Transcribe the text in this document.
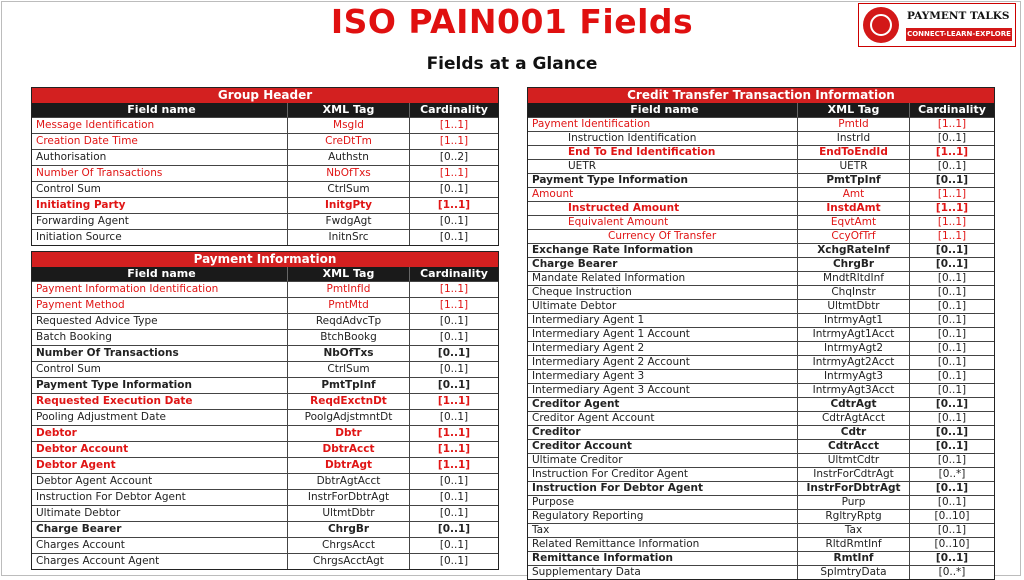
ISO PAIN001 Fields
Fields at a Glance
PAYMENT TALKS
CONNECT-LEARN-EXPLORE
Group Header
Field name	XML Tag	Cardinality
Message Identification	MsgId	[1..1]
Creation Date Time	CreDtTm	[1..1]
Authorisation	Authstn	[0..2]
Number Of Transactions	NbOfTxs	[1..1]
Control Sum	CtrlSum	[0..1]
Initiating Party	InitgPty	[1..1]
Forwarding Agent	FwdgAgt	[0..1]
Initiation Source	InitnSrc	[0..1]
Payment Information
Field name	XML Tag	Cardinality
Payment Information Identification	PmtInfId	[1..1]
Payment Method	PmtMtd	[1..1]
Requested Advice Type	ReqdAdvcTp	[0..1]
Batch Booking	BtchBookg	[0..1]
Number Of Transactions	NbOfTxs	[0..1]
Control Sum	CtrlSum	[0..1]
Payment Type Information	PmtTpInf	[0..1]
Requested Execution Date	ReqdExctnDt	[1..1]
Pooling Adjustment Date	PoolgAdjstmntDt	[0..1]
Debtor	Dbtr	[1..1]
Debtor Account	DbtrAcct	[1..1]
Debtor Agent	DbtrAgt	[1..1]
Debtor Agent Account	DbtrAgtAcct	[0..1]
Instruction For Debtor Agent	InstrForDbtrAgt	[0..1]
Ultimate Debtor	UltmtDbtr	[0..1]
Charge Bearer	ChrgBr	[0..1]
Charges Account	ChrgsAcct	[0..1]
Charges Account Agent	ChrgsAcctAgt	[0..1]
Credit Transfer Transaction Information
Field name	XML Tag	Cardinality
Payment Identification	PmtId	[1..1]
Instruction Identification	InstrId	[0..1]
End To End Identification	EndToEndId	[1..1]
UETR	UETR	[0..1]
Payment Type Information	PmtTpInf	[0..1]
Amount	Amt	[1..1]
Instructed Amount	InstdAmt	[1..1]
Equivalent Amount	EqvtAmt	[1..1]
Currency Of Transfer	CcyOfTrf	[1..1]
Exchange Rate Information	XchgRateInf	[0..1]
Charge Bearer	ChrgBr	[0..1]
Mandate Related Information	MndtRltdInf	[0..1]
Cheque Instruction	ChqInstr	[0..1]
Ultimate Debtor	UltmtDbtr	[0..1]
Intermediary Agent 1	IntrmyAgt1	[0..1]
Intermediary Agent 1 Account	IntrmyAgt1Acct	[0..1]
Intermediary Agent 2	IntrmyAgt2	[0..1]
Intermediary Agent 2 Account	IntrmyAgt2Acct	[0..1]
Intermediary Agent 3	IntrmyAgt3	[0..1]
Intermediary Agent 3 Account	IntrmyAgt3Acct	[0..1]
Creditor Agent	CdtrAgt	[0..1]
Creditor Agent Account	CdtrAgtAcct	[0..1]
Creditor	Cdtr	[0..1]
Creditor Account	CdtrAcct	[0..1]
Ultimate Creditor	UltmtCdtr	[0..1]
Instruction For Creditor Agent	InstrForCdtrAgt	[0..*]
Instruction For Debtor Agent	InstrForDbtrAgt	[0..1]
Purpose	Purp	[0..1]
Regulatory Reporting	RgltryRptg	[0..10]
Tax	Tax	[0..1]
Related Remittance Information	RltdRmtInf	[0..10]
Remittance Information	RmtInf	[0..1]
Supplementary Data	SplmtryData	[0..*]
